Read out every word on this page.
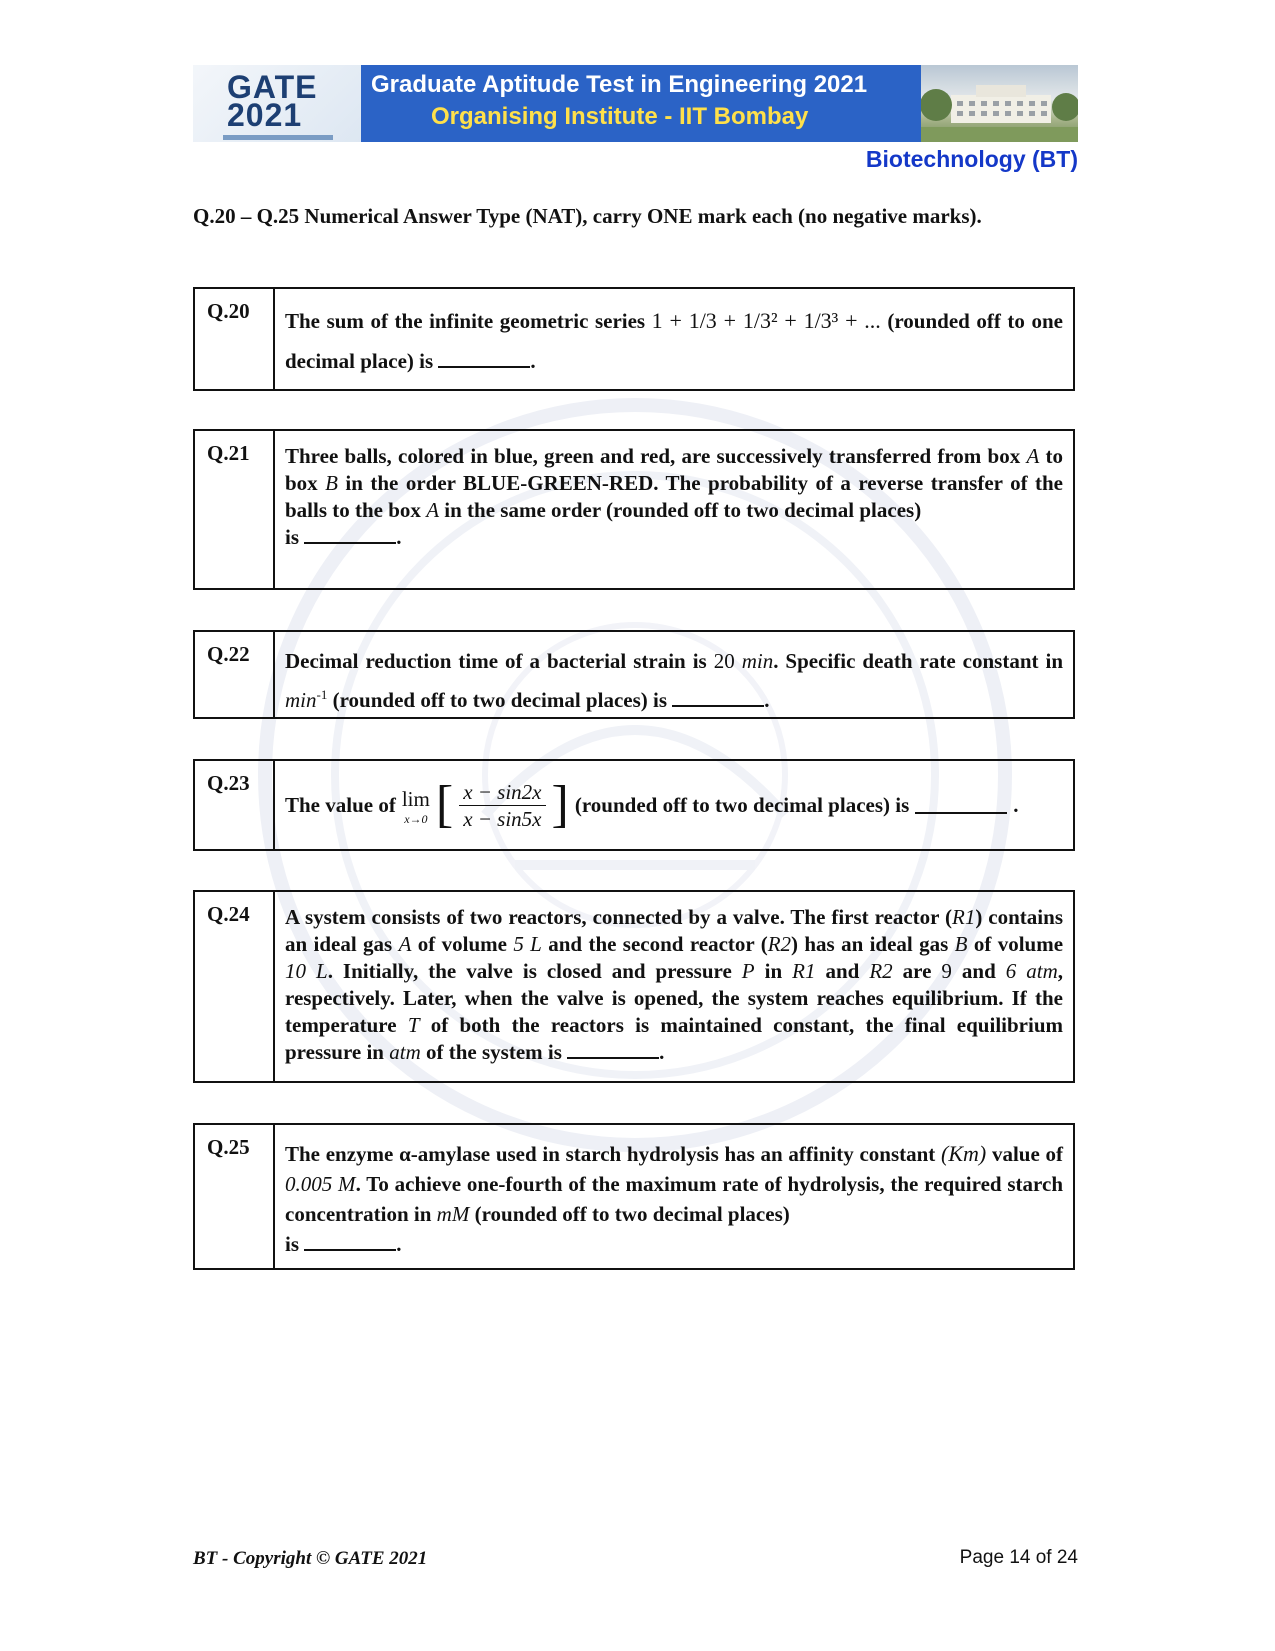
GATE
2021
Graduate Aptitude Test in Engineering 2021
Organising Institute - IIT Bombay
Biotechnology (BT)
Q.20 – Q.25 Numerical Answer Type (NAT), carry ONE mark each (no negative marks).
Q.20	The sum of the infinite geometric series 1 + 1/3 + 1/3² + 1/3³ + ... (rounded off to one decimal place) is	.
Q.21	Three balls, colored in blue, green and red, are successively transferred from box A to box B in the order BLUE-GREEN-RED. The probability of a reverse transfer of the balls to the box A in the same order (rounded off to two decimal places)
is	.
Q.22	Decimal reduction time of a bacterial strain is 20 min. Specific death rate constant in $\min^{-1}$ (rounded off to two decimal places) is	.
Q.23
The value of lim
x→0 [ $\frac{x - \sin 2x}{x - \sin 5x}$ ] (rounded off to two decimal places) is	.
Q.24	A system consists of two reactors, connected by a valve. The first reactor (R1) contains an ideal gas A of volume 5 L and the second reactor (R2) has an ideal gas B of volume 10 L. Initially, the valve is closed and pressure P in R1 and R2 are 9 and 6 atm, respectively. Later, when the valve is opened, the system reaches equilibrium. If the temperature T of both the reactors is maintained constant, the final equilibrium pressure in atm of the system is	.
Q.25	The enzyme α-amylase used in starch hydrolysis has an affinity constant (Km) value of 0.005 M. To achieve one-fourth of the maximum rate of hydrolysis, the required starch concentration in mM (rounded off to two decimal places)
is	.
BT - Copyright © GATE 2021	Page 14 of 24
